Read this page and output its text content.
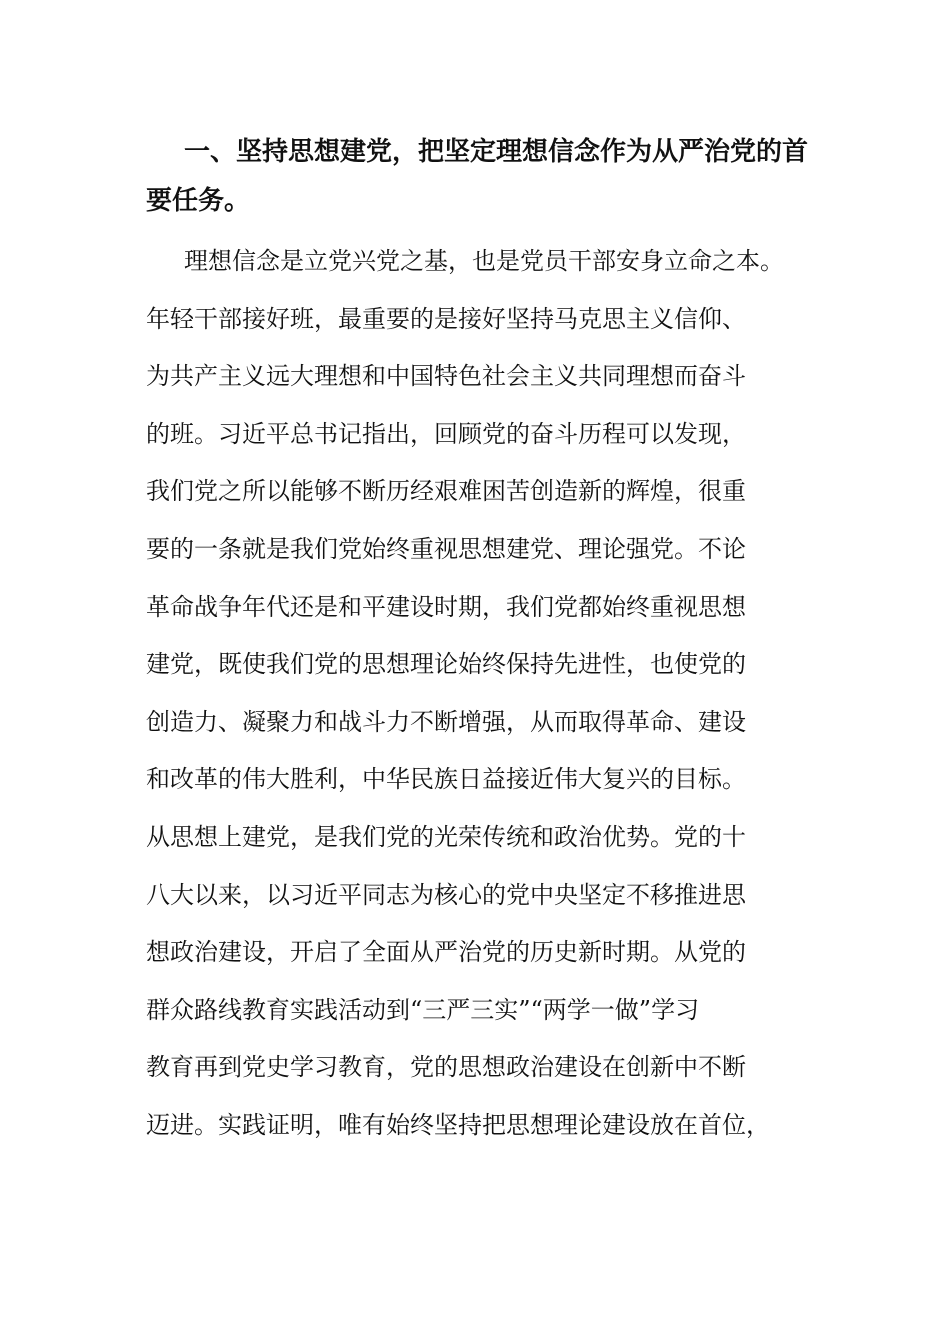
一、坚持思想建党，把坚定理想信念作为从严治党的首
要任务。
理想信念是立党兴党之基，也是党员干部安身立命之本。
年轻干部接好班，最重要的是接好坚持马克思主义信仰、
为共产主义远大理想和中国特色社会主义共同理想而奋斗
的班。习近平总书记指出，回顾党的奋斗历程可以发现，
我们党之所以能够不断历经艰难困苦创造新的辉煌，很重
要的一条就是我们党始终重视思想建党、理论强党。不论
革命战争年代还是和平建设时期，我们党都始终重视思想
建党，既使我们党的思想理论始终保持先进性，也使党的
创造力、凝聚力和战斗力不断增强，从而取得革命、建设
和改革的伟大胜利，中华民族日益接近伟大复兴的目标。
从思想上建党，是我们党的光荣传统和政治优势。党的十
八大以来，以习近平同志为核心的党中央坚定不移推进思
想政治建设，开启了全面从严治党的历史新时期。从党的
群众路线教育实践活动到“三严三实”“两学一做”学习
教育再到党史学习教育，党的思想政治建设在创新中不断
迈进。实践证明，唯有始终坚持把思想理论建设放在首位，
